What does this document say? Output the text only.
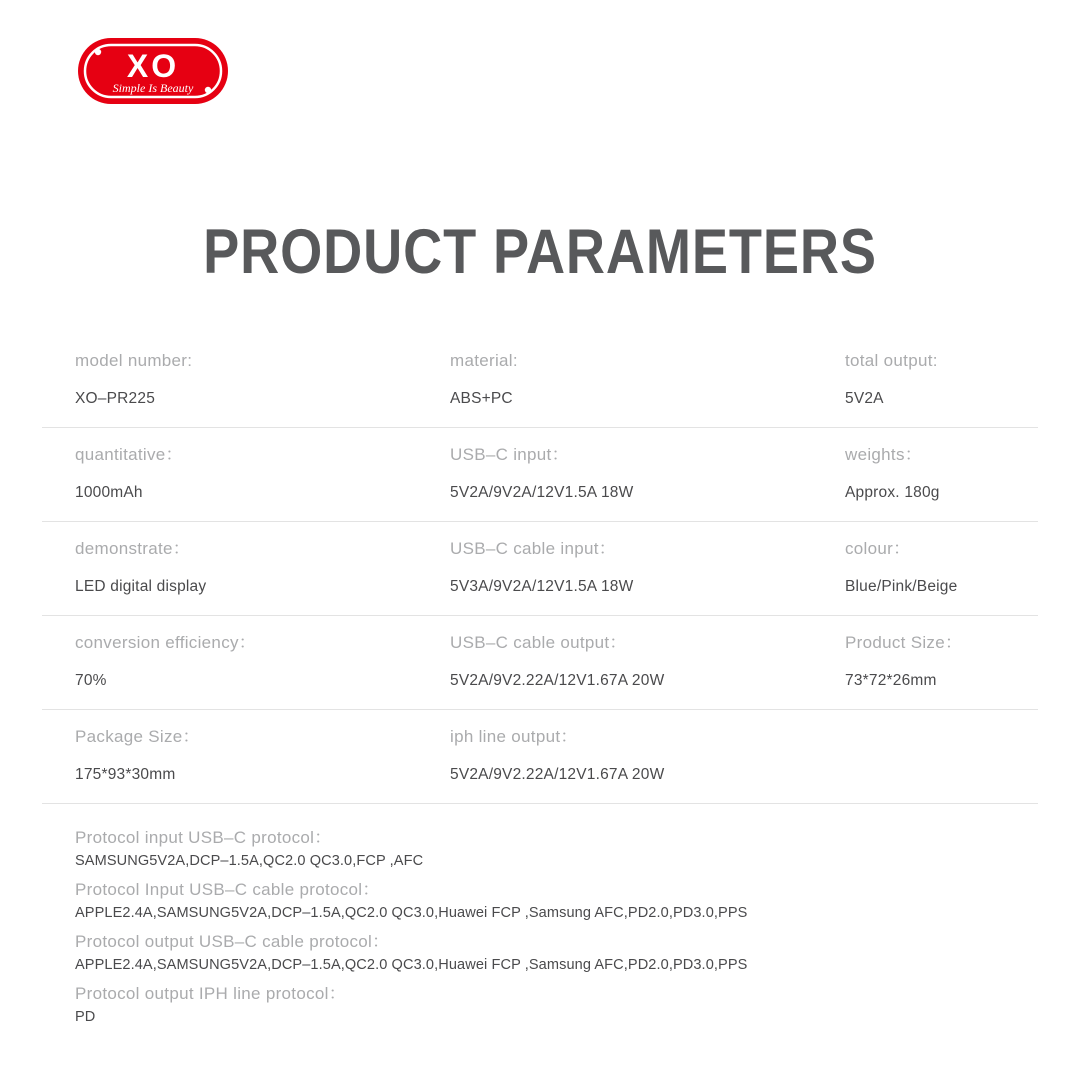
XO
Simple Is Beauty
PRODUCT PARAMETERS
model number:
XO–PR225
material:
ABS+PC
total output:
5V2A
quantitative：
1000mAh
USB–C input：
5V2A/9V2A/12V1.5A 18W
weights：
Approx. 180g
demonstrate：
LED digital display
USB–C cable input：
5V3A/9V2A/12V1.5A 18W
colour：
Blue/Pink/Beige
conversion efficiency：
70%
USB–C cable output：
5V2A/9V2.22A/12V1.67A 20W
Product Size：
73*72*26mm
Package Size：
175*93*30mm
iph line output：
5V2A/9V2.22A/12V1.67A 20W
Protocol input USB–C protocol：
SAMSUNG5V2A,DCP–1.5A,QC2.0 QC3.0,FCP ,AFC
Protocol Input USB–C cable protocol：
APPLE2.4A,SAMSUNG5V2A,DCP–1.5A,QC2.0 QC3.0,Huawei FCP ,Samsung AFC,PD2.0,PD3.0,PPS
Protocol output USB–C cable protocol：
APPLE2.4A,SAMSUNG5V2A,DCP–1.5A,QC2.0 QC3.0,Huawei FCP ,Samsung AFC,PD2.0,PD3.0,PPS
Protocol output IPH line protocol：
PD
